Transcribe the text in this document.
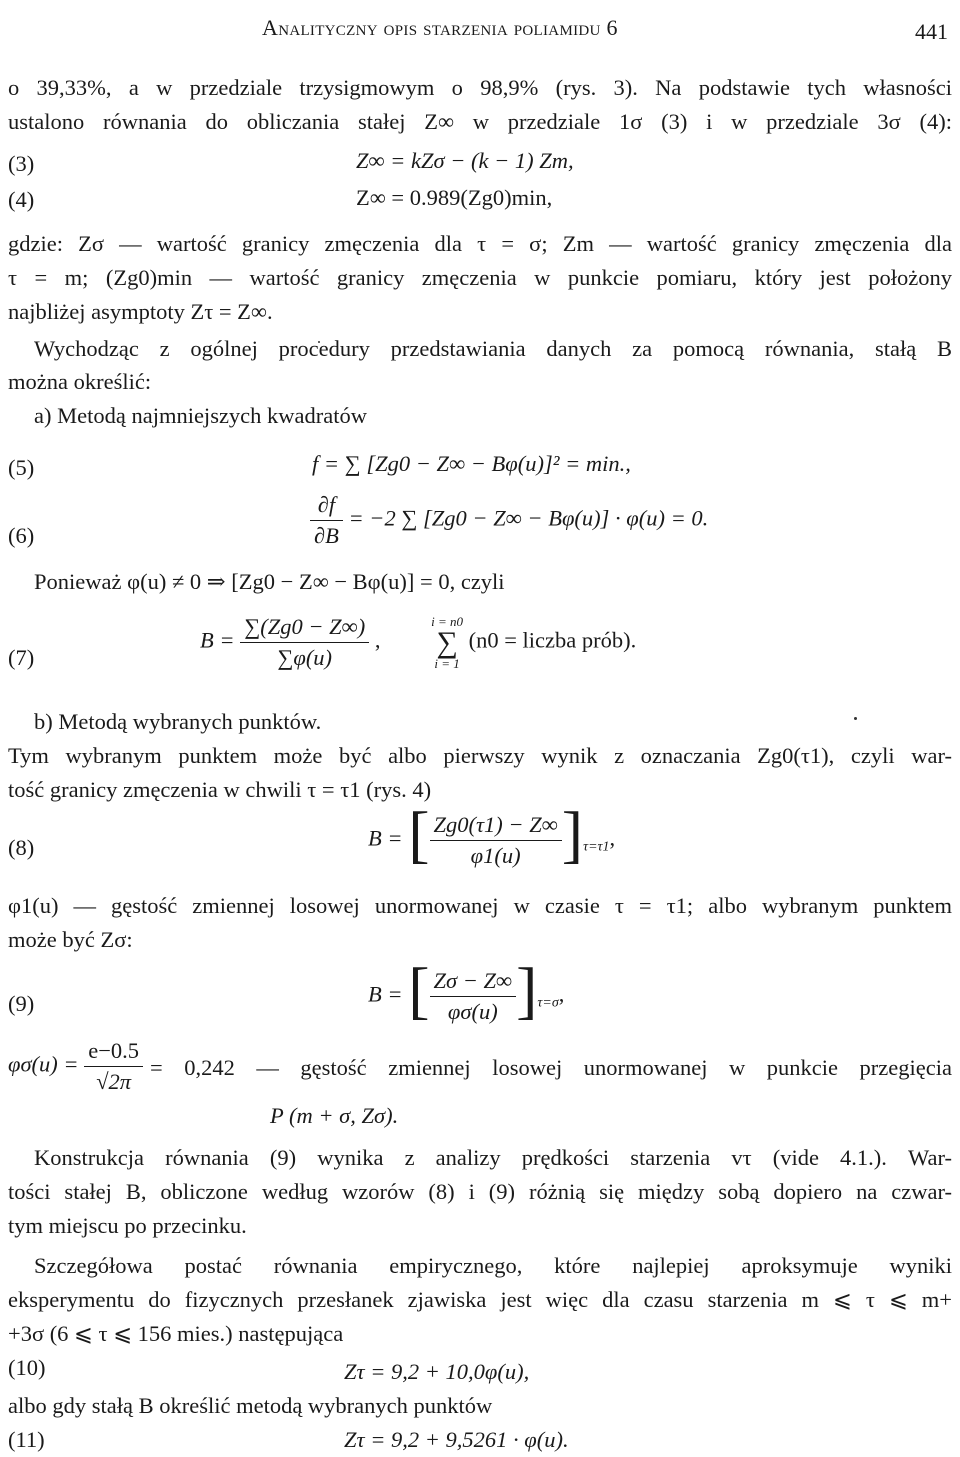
Analityczny opis starzenia poliamidu 6	441
o 39,33%, a w przedziale trzysigmowym o 98,9% (rys. 3). Na podstawie tych własności
ustalono równania do obliczania stałej Z∞ w przedziale 1σ (3) i w przedziale 3σ (4):
(3)	Z∞ = kZσ − (k − 1) Zm,
(4)	Z∞ = 0.989(Zg0)min,
gdzie: Zσ — wartość granicy zmęczenia dla τ = σ; Zm — wartość granicy zmęczenia dla
τ = m; (Zg0)min — wartość granicy zmęczenia w punkcie pomiaru, który jest położony
najbliżej asymptoty Zτ = Z∞.
Wychodząc z ogólnej procedury przedstawiania danych za pomocą równania, stałą B
można określić:
a) Metodą najmniejszych kwadratów
(5)	f = ∑ [Zg0 − Z∞ − Bφ(u)]² = min.,
(6)	$\frac{\partial f}{\partial B} = -2$ ∑ [Zg0 − Z∞ − Bφ(u)] · φ(u) = 0.
Ponieważ φ(u) ≠ 0 ⇒ [Zg0 − Z∞ − Bφ(u)] = 0, czyli
(7)
$B = \frac{\sum(Zg0 - Z\infty)}{\sum\varphi(u)}$ ,
i = n0
∑
i = 1
(n0 = liczba prób).
b) Metodą wybranych punktów.
Tym wybranym punktem może być albo pierwszy wynik z oznaczania Zg0(τ1), czyli war-
tość granicy zmęczenia w chwili τ = τ1 (rys. 4)
(8)	B = [ $\frac{Zg0(\tau 1) - Z\infty}{\varphi 1(u)} ]_{\tau=\tau 1}$,
φ1(u) — gęstość zmiennej losowej unormowanej w czasie τ = τ1; albo wybranym punktem
może być Zσ:
(9)	B = [ $\frac{Z\sigma - Z\infty}{\varphi\sigma(u)} ]_{\tau=\sigma}$,
$\varphi\sigma(u) = \frac{e-0.5}{√2\pi} = 0,242$ — gęstość zmiennej losowej unormowanej w punkcie przegięcia
P (m + σ, Zσ).
Konstrukcja równania (9) wynika z analizy prędkości starzenia vτ (vide 4.1.). War-
tości stałej B, obliczone według wzorów (8) i (9) różnią się między sobą dopiero na czwar-
tym miejscu po przecinku.
Szczegółowa postać równania empirycznego, które najlepiej aproksymuje wyniki
eksperymentu do fizycznych przesłanek zjawiska jest więc dla czasu starzenia m ⩽ τ ⩽ m+
+3σ (6 ⩽ τ ⩽ 156 mies.) następująca
(10)	Zτ = 9,2 + 10,0φ(u),
albo gdy stałą B określić metodą wybranych punktów
(11)	Zτ = 9,2 + 9,5261 · φ(u).
